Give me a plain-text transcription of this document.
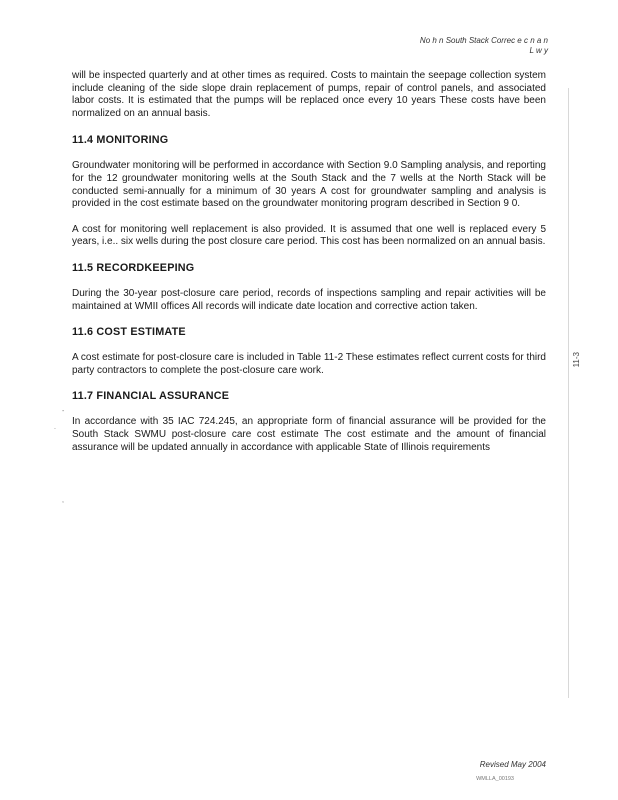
No h n South Stack Correc e c n a n
L w y
11-3
-
.
,

will be inspected quarterly and at other times as required. Costs to maintain the seepage collection system include cleaning of the side slope drain replacement of pumps, repair of control panels, and associated labor costs. It is estimated that the pumps will be replaced once every 10 years These costs have been normalized on an annual basis.

11.4 MONITORING

Groundwater monitoring will be performed in accordance with Section 9.0 Sampling analysis, and reporting for the 12 groundwater monitoring wells at the South Stack and the 7 wells at the North Stack will be conducted semi-annually for a minimum of 30 years A cost for groundwater sampling and analysis is provided in the cost estimate based on the groundwater monitoring program described in Section 9 0.

A cost for monitoring well replacement is also provided. It is assumed that one well is replaced every 5 years, i.e.. six wells during the post closure care period. This cost has been normalized on an annual basis.

11.5 RECORDKEEPING

During the 30-year post-closure care period, records of inspections sampling and repair activities will be maintained at WMII offices All records will indicate date location and corrective action taken.

11.6 COST ESTIMATE

A cost estimate for post-closure care is included in Table 11-2 These estimates reflect current costs for third party contractors to complete the post-closure care work.

11.7 FINANCIAL ASSURANCE

In accordance with 35 IAC 724.245, an appropriate form of financial assurance will be provided for the South Stack SWMU post-closure care cost estimate The cost estimate and the amount of financial assurance will be updated annually in accordance with applicable State of Illinois requirements

Revised May 2004
WMLLA_00193
